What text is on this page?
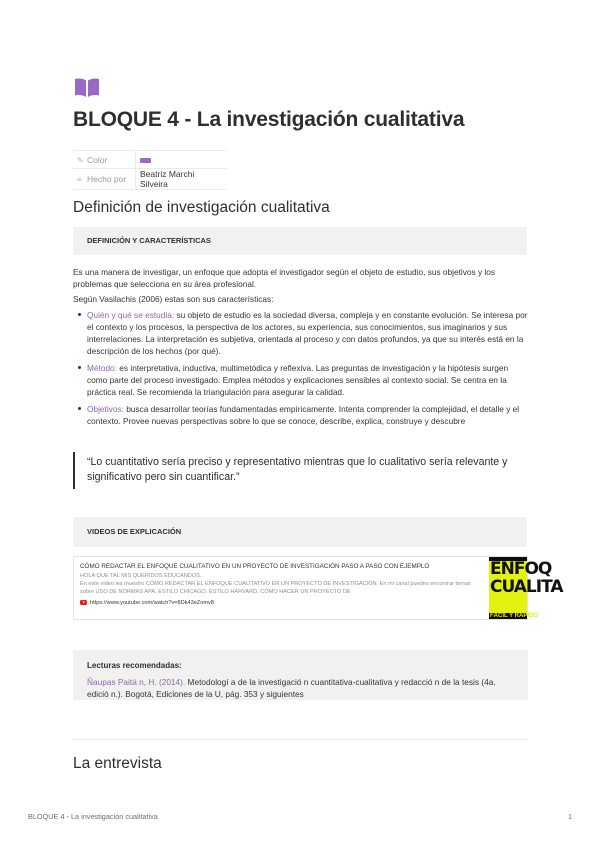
BLOQUE 4 - La investigación cualitativa
✎ Color	
≡ Hecho por	Beatriz Marchi Silveira
Definición de investigación cualitativa
DEFINICIÓN Y CARACTERÍSTICAS

Es una manera de investigar, un enfoque que adopta el investigador según el objeto de estudio, sus objetivos y los problemas que selecciona en su área profesional.

Según Vasilachis (2006) estas son sus características:

Quién y qué se estudia: su objeto de estudio es la sociedad diversa, compleja y en constante evolución. Se interesa por el contexto y los procesos, la perspectiva de los actores, su experiencia, sus conocimientos, sus imaginarios y sus interrelaciones. La interpretación es subjetiva, orientada al proceso y con datos profundos, ya que su interés está en la descripción de los hechos (por qué).
Método: es interpretativa, inductiva, multimetódica y reflexiva. Las preguntas de investigación y la hipótesis surgen como parte del proceso investigado. Emplea métodos y explicaciones sensibles al contexto social. Se centra en la práctica real. Se recomienda la triangulación para asegurar la calidad.
Objetivos: busca desarrollar teorías fundamentadas empíricamente. Intenta comprender la complejidad, el detalle y el contexto. Provee nuevas perspectivas sobre lo que se conoce, describe, explica, construye y descubre
“Lo cuantitativo sería preciso y representativo mientras que lo cualitativo sería relevante y significativo pero sin cuantificar.”
VIDEOS DE EXPLICACIÓN
CÓMO REDACTAR EL ENFOQUE CUALITATIVO EN UN PROYECTO DE INVESTIGACIÓN PASO A PASO CON EJEMPLO
HOLA QUE TAL MIS QUERIDOS EDUCANDOS.
En este video les muestro CÓMO REDACTAR EL ENFOQUE CUALITATIVO EN UN PROYECTO DE INVESTIGACIÓN. En mi canal puedes encontrar temas sobre USO DE NORMAS APA, ESTILO CHICAGO, ESTILO HARVARD, CÓMO HACER UN PROYECTO DE
https://www.youtube.com/watch?v=8Dk43eZomv8
ENFOQ
CUALITA
FÁCIL Y RÁPIDO
Lecturas recomendadas:
Ñaupas Paitá n, H. (2014). Metodologí a de la investigació n cuantitativa-cualitativa y redacció n de la tesis (4a. edició n.). Bogotá, Ediciones de la U, pág. 353 y siguientes
La entrevista
BLOQUE 4 - La investigación cualitativa	1
